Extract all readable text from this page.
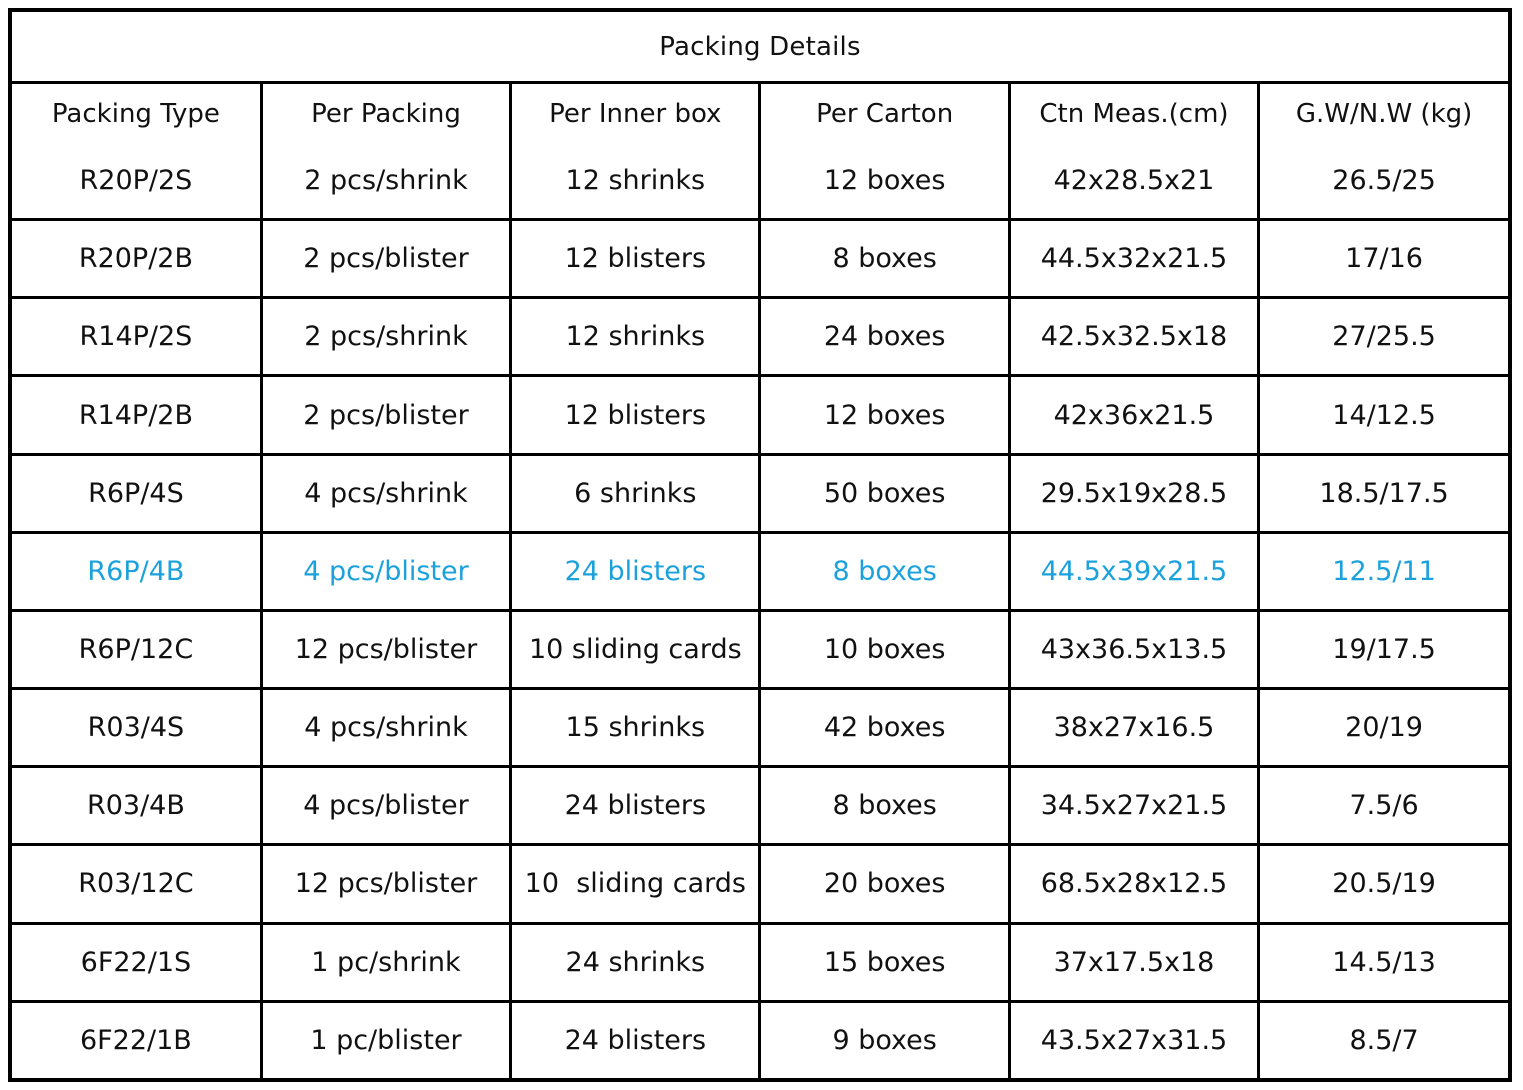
Packing Details					
Packing Type	Per Packing	Per Inner box	Per Carton	Ctn Meas.(cm)	G.W/N.W (kg)
R20P/2S	2 pcs/shrink	12 shrinks	12 boxes	42x28.5x21	26.5/25
R20P/2B	2 pcs/blister	12 blisters	8 boxes	44.5x32x21.5	17/16
R14P/2S	2 pcs/shrink	12 shrinks	24 boxes	42.5x32.5x18	27/25.5
R14P/2B	2 pcs/blister	12 blisters	12 boxes	42x36x21.5	14/12.5
R6P/4S	4 pcs/shrink	6 shrinks	50 boxes	29.5x19x28.5	18.5/17.5
R6P/4B	4 pcs/blister	24 blisters	8 boxes	44.5x39x21.5	12.5/11
R6P/12C	12 pcs/blister	10 sliding cards	10 boxes	43x36.5x13.5	19/17.5
R03/4S	4 pcs/shrink	15 shrinks	42 boxes	38x27x16.5	20/19
R03/4B	4 pcs/blister	24 blisters	8 boxes	34.5x27x21.5	7.5/6
R03/12C	12 pcs/blister	10  sliding cards	20 boxes	68.5x28x12.5	20.5/19
6F22/1S	1 pc/shrink	24 shrinks	15 boxes	37x17.5x18	14.5/13
6F22/1B	1 pc/blister	24 blisters	9 boxes	43.5x27x31.5	8.5/7
